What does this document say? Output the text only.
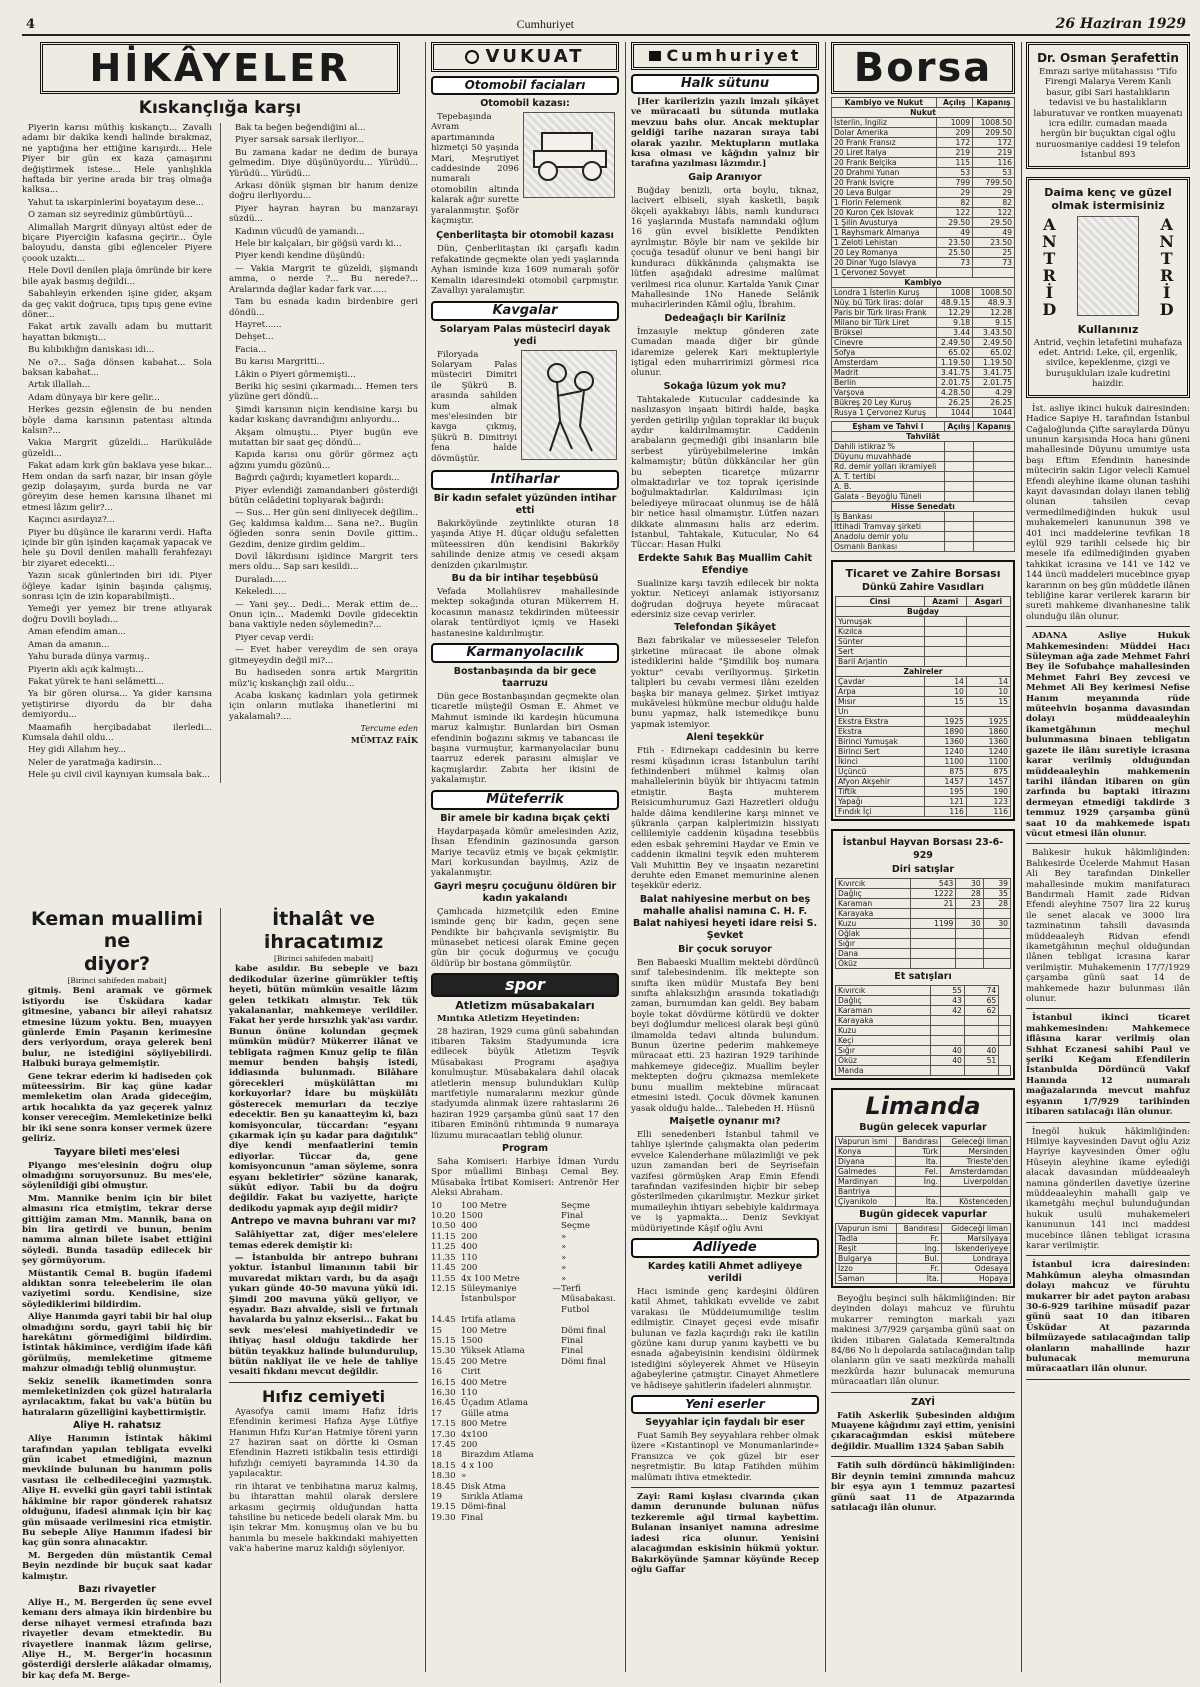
4	Cumhuriyet	26 Haziran 1929
HİKÂYELER
Kıskançlığa karşı

Piyerin karısı müthiş kıskançtı... Zavallı adamı bir dakika kendi halinde bırakmaz, ne yaptığına her ettiğine karışırdı... Hele Piyer bir gün ex kaza çamaşırını değiştirmek istese... Hele yanlışlıkla haftada bir yerine arada bir traş olmağa kalksa...

Yahut ta ıskarpinlerini boyatayım dese...

O zaman siz seyrediniz gümbürtüyü...

Alimallah Margrit dünyayı altüst eder de biçare Piyerciğin kafasına geçirir... Öyle baloyudu, dansta gibi eğlenceler Piyere çoook uzaktı...

Hele Dovil denilen plaja ömründe bir kere bile ayak basmış değildi...

Sabahleyin erkenden işine gider, akşam da geç vakit doğruca, tıpış tıpış gene evine döner...

Fakat artık zavallı adam bu muttarit hayattan bıkmıştı...

Bu kılıbıklığın daniskası idi...

Ne o?... Sağa dönsen kabahat... Sola baksan kabahat...

Artık illallah...

Adam dünyaya bir kere gelir...

Herkes gezsin eğlensin de bu nenden böyle dama karısının patentası altında kalsın?...

Vakıa Margrit güzeldi... Harükulâde güzeldi...

Fakat adam kırk gün baklava yese bıkar... Hem ondan da sarfı nazar, bir insan göyle gezip dolaşayım, şurda burda ne var göreyim dese hemen karısına ilhanet mi etmesi lâzım gelir?...

Kaçıncı asırdayız?...

Piyer bu düşünce ile kararını verdi. Hafta içinde bir gün işinden kaçamak yapacak ve hele şu Dovil denilen mahalli ferahfezayı bir ziyaret edecekti...

Yazın sıcak günlerinden biri idi. Piyer öğleye kadar işinin başında çalışmış, sonrası için de izin koparabilmişti..

Yemeği yer yemez bir trene atlıyarak doğru Dovili boyladı...

Aman efendim aman...

Aman da amanın...

Yahu burada dünya varmış..

Piyerin aklı açık kalmıştı...

Fakat yürek te hani selâmetti...

Ya bir gören olursa... Ya gider karısına yetiştirirse diyordu da bir daha demiyordu...

Maamafih herçibadabat ilerledi... Kumsala dahil oldu...

Hey gidi Allahım hey...

Neler de yaratmağa kadirsin...

Hele şu civil civil kaynıyan kumsala bak...

Bak ta beğen beğendiğini al...

Piyer sarsak sarsak ilerliyor...

Bu zamana kadar ne dedim de buraya gelmedim. Diye düşünüyordu... Yürüdü... Yürüdü... Yürüdü...

Arkası dönük şişman bir hanım denize doğru ilerliyordu...

Piyer hayran hayran bu manzarayı süzdü...

Kadının vücudü de yamandı...

Hele bir kalçaları, bir göğsü vardı ki...

Piyer kendi kendine düşündü:

— Vakia Margrit te güzeldi, şişmandı amma, o nerde ?... Bu nerede?... Aralarında dağlar kadar fark var......

Tam bu esnada kadın birdenbire geri döndü...

Hayret......

Dehşet...

Facia...

Bu karısı Margritti...

Lâkin o Piyeri görmemişti...

Beriki hiç sesini çıkarmadı... Hemen ters yüzüne geri döndü...

Şimdi karısının niçin kendisine karşı bu kadar kıskanç davrandığını anlıyordu...

Akşam olmuştu... Piyer bugün eve mutattan bir saat geç döndü...

Kapıda karısı onu görür görmez açtı ağzını yumdu gözünü...

Bağırdı çağırdı; kıyametleri kopardı...

Piyer evlendiği zamandanberi gösterdiği bütün celâdetini toplıyarak bağırdı:

— Sus... Her gün seni dinliyecek değilim.. Geç kaldımsa kaldım... Sana ne?.. Bugün öğleden sonra senin Dovile gittim.. Gezdim, denize girdim geldim..

Dovil lâkırdısını işidince Margrit ters mers oldu... Sap sarı kesildi...

Duraladı.....

Kekeledi.....

— Yani şey... Dedi... Merak ettim de... Onun için... Mademki Dovile gidecektin bana vaktiyle neden söylemedin?...

Piyer cevap verdi:

— Evet haber vereydim de sen oraya gitmeyeydin değil mi?...

Bu hadiseden sonra artık Margritin müz'iç kıskançlığı zail oldu...

Acaba kıskanç kadınları yola getirmek için onların mutlaka ihanetlerini mi yakalamalı?....

Tercume eden
MÜMTAZ FAİK
Keman muallimi ne
diyor?
[Birinci sahifeden mabait]

gitmiş. Beni aramak ve görmek istiyordu ise Üsküdara kadar gitmesine, yabancı bir aileyi rahatsız etmesine lüzum yoktu. Ben, muayyen günlerde Emin Paşanın kerimesine ders veriyordum, oraya gelerek beni bulur, ne istediğini söyliyebilirdi. Halbuki buraya gelmemiştir.

Gene tekrar ederim ki hadiseden çok müteessirim. Bir kaç güne kadar memleketim olan Arada gideceğim, artık hocalıkta da yaz geçerek yalnız konser vereceğim. Memleketinize belki bir iki sene sonra konser vermek üzere geliriz.

Tayyare bileti mes'elesi

Piyango mes'elesinin doğru olup olmadığını soruyorsunuz. Bu mes'ele, söylenildiği gibi olmuştur.

Mm. Mannike benim için bir bilet almasını rica etmiştim, tekrar derse gittiğim zaman Mm. Mannik, bana on bin lira getirdi ve bunun, benim namıma alınan bilete isabet ettiğini söyledi. Bunda tasadüp edilecek bir şey görmüyorum.

Müstantik Cemal B. bugün ifademi aldıktan sonra teleebelerim ile olan vaziyetimi sordu. Kendisine, size söylediklerimi bildirdim.

Aliye Hanımda gayri tabii bir hal olup olmadığını sordu, gayri tabii hiç bir harekâtını görmediğimi bildirdim. İstintak hâkimince, verdiğim ifade kâfi görülmüş, memleketime gitmeme mahzur olmadığı tebliğ olunmuştur.

Sekiz senelik ikametimden sonra memleketinizden çok güzel hatıralarla ayrılacaktım, fakat bu vak'a bütün bu hatıraların güzelliğini kaybettirmiştir.

Aliye H. rahatsız

Aliye Hanımın İstintak hâkimi tarafından yapılan tebligata evvelki gün icabet etmediğini, maznun mevkiinde bulunan bu hanımın polis vasıtası ile celbedileceğini yazmıştık. Aliye H. evvelki gün gayri tabii istintak hâkimine bir rapor gönderek rahatsız olduğunu, ifadesi alınmak için bir kaç gün müsaade verilmesini rica etmiştir. Bu sebeple Aliye Hanımın ifadesi bir kaç gün sonra alınacaktır.

M. Bergeden dün müstantik Cemal Beyin nezdinde bir buçuk saat kadar kalmıştır.

Bazı rivayetler

Aliye H., M. Bergerden üç sene evvel kemanı ders almaya ikin birdenbire bu derse nihayet vermesi etrafında bazı rivayetler devam etmektedir. Bu rivayetlere inanmak lâzım gelirse, Aliye H., M. Berger'in hocasının gösterdiği derslerle alâkadar olmamış, bir kaç defa M. Berge-

İthalât ve
ihracatımız
[Birinci sahifeden mabait]

kabe asıldır. Bu sebeple ve bazı dedikodular üzerine gümrükler teftiş heyeti, bütün mümkün vesaitle lâzım gelen tetkikatı almıştır. Tek tük yakalananlar, mahkemeye verildiler. Fakat her yerde hırsızlık yak'ası vardır. Bunun önüne kolundan geçmek mümkün müdür? Mükerrer ilânat ve tebligata rağmen Kınuz gelip te filân memur benden bahşiş istedi, iddiasında bulunmadı. Bilâhare görecekleri müşkülâttan mı korkuyorlar? İdare bu müşkülâtı gösterecek memurları da tecziye edecektir. Ben şu kanaatteyim ki, bazı komisyoncular, tüccardan: "eşyanı çıkarmak için şu kadar para dağıtılık" diye kendi menfaatlerini temin ediyorlar. Tüccar da, gene komisyoncunun "aman söyleme, sonra eşyanı bekletirler" sözüne kanarak, sükût ediyor. Tabii bu da doğru değildir. Fakat bu vaziyette, hariçte dedikodu yapmak ayıp değil midir?

Antrepo ve mavna buhranı var mı?

Salâhiyettar zat, diğer mes'elelere temas ederek demiştir ki:

— İstanbulda bir antrepo buhranı yoktur. İstanbul limanının tabii bir muvaredat miktarı vardı, bu da aşağı yukarı günde 40-50 mavuna yükü idi. Şimdi 200 mavuna yükü geliyor, ve eşyadır. Bazı ahvalde, sisli ve fırtınalı havalarda bu yalnız ekserisi... Fakat bu sevk mes'elesi mahiyetindedir ve ihtiyaç hasıl olduğu takdirde her bütün teyakkuz halinde bulundurulup, bütün nakliyat ile ve hele de tahliye vesaiti fıkdanı mevcut değildir.

Hıfız cemiyeti

Ayasofya camii imamı Hafız İdris Efendinin kerimesi Hafıza Ayşe Lütfiye Hanımın Hıfzı Kur'an Hatmiye töreni yarın 27 haziran saat on dörtte ki Osman Efendinin Hazreti istikbalin tesis ettirdiği hıfızlığı cemiyeti bayramında 14.30 da yapılacaktır.

rin ihtarat ve tenbihatına maruz kalmış, bu ihtarattan mahiil olarak derslere arkasını geçirmiş olduğundan hatta tahsiline bu neticede bedeli olarak Mm. bu işin tekrar Mm. konuşmuş olan ve bu bu hanımla bu mesele hakkındaki mahiyetten vak'a haberine maruz kaldığı söyleniyor.

VUKUAT
Otomobil faciaları
Otomobil kazası:

Tepebaşında Avram apartımanında hizmetçi 50 yaşında Mari, Meşrutiyet caddesinde 2096 numaralı otomobilin altında kalarak ağır surette yaralanmıştır. Şoför kaçmıştır.

Çenberlitaşta bir otomobil kazası

Dün, Çenberlitaştan iki çarşaflı kadın refakatinde geçmekte olan yedi yaşlarında Ayhan isminde kıza 1609 numaralı şoför Kemalin idaresindeki otomobil çarpmıştır. Zavallıyı yaralamıştır.

Kavgalar
Solaryam Palas müstecirl dayak yedi

Filoryada Solaryam Palas müsteciri Dimitri ile Şükrü B. arasında sahilden kum almak mes'elesinden bir kavga çıkmış, Şükrü B. Dimitriyi fena halde dövmüştür.

İntiharlar
Bir kadın sefalet yüzünden intihar etti

Bakırköyünde zeytinlikte oturan 18 yaşında Atiye H. düçar olduğu sefaletten müteessiren dün kendisini Bakırköy sahilinde denize atmış ve cesedi akşam denizden çıkarılmıştır.

Bu da bir intihar teşebbüsü

Vefada Mollahüsrev mahallesinde mektep sokağında oturan Mükerrem H. kocasının manasız tekdirinden müteessir olarak tentürdiyot içmiş ve Haseki hastanesine kaldırılmıştır.

Karmanyolacılık
Bostanbaşında da bir gece taarruzu

Dün gece Bostanbaşından geçmekte olan ticaretle müşteğil Osman E. Ahmet ve Mahmut isminde iki kardeşin hücumuna maruz kalmıştır. Bunlardan biri Osman efendinin boğazını sıkmış ve tabancası ile başına vurmuştur, karmanyolacılar bunu taarruz ederek parasını almışlar ve kaçmışlardır. Zabıta her ikisini de yakalamıştır.

Müteferrik
Bir amele bir kadına bıçak çekti

Haydarpaşada kömür amelesinden Aziz, İhsan Efendinin gazinosunda garson Mariye tecavüz etmiş ve bıçak çekmiştir. Mari korkusundan bayılmış, Aziz de yakalanmıştır.

Gayri meşru çocuğunu öldüren bir kadın yakalandı

Çamlıcada hizmetçilik eden Emine isminde genç bir kadın, geçen sene Pendikte bir bahçıvanla sevişmiştir. Bu münasebet neticesi olarak Emine geçen gün bir çocuk doğurmuş ve çocuğu öldürüp bir bostana gömmüştür.

spor
Atletizm müsabakaları

Mıntıka Atletizm Heyetinden:

28 haziran, 1929 cuma günü sabahından itibaren Taksim Stadyumunda icra edilecek büyük Atletizm Teşvik Müsabakası Programı aşağıya konulmuştur. Müsabakalara dahil olacak atletlerin mensup bulundukları Kulüp marifetiyle numaralarını mezkur günde stadyumda alınmak üzere rahtaslarını 26 haziran 1929 çarşamba günü saat 17 den itibaren Eminönü rıhtımında 9 numaraya lüzumu muracaatları tebliğ olunur.

Program

Saha Komiseri: Harbiye İdman Yurdu Spor müallimi Binbaşı Cemal Bey. Müsabaka İrtibat Komiseri: Antrenör Her Aleksi Abraham.

10	100 Metre	Seçme
10.20 1500	Final
10.50 400	Seçme
11.15 200	»
11.25 400	»
11.35 110	»
11.45 200	»
11.55 4x 100 Metre	»
12.15 Süleymaniye — İstanbulspor
Terfi Müsabakası. Futbol
14.45 Irtifa atlama
15	100 Metre	Dömi final
15.15 1500	Final
15.30 Yüksek Atlama	Final
15.45 200 Metre	Dömi final
16	Cirit
16.15 400 Metre
16.30 110
16.45 Üçadım Atlama
17	Gülle atma
17.15 800 Metre
17.30 4x100
17.45 200
18	Birazdım Atlama
18.15 4 x 100
18.30 »
18.45 Disk Atma
19	Sırıkla Atlama
19.15 Dömi-final
19.30 Final
Cumhuriyet
Halk sütunu

[Her karilerizin yazılı imzalı şikâyet ve müracaati bu sütunda mutlaka mevzuu bahs olur. Ancak mektuplar geldiği tarihe nazaran sıraya tabi olarak yazılır. Mektupların mutlaka kısa olması ve kâğıdın yalnız bir tarafına yazılması lâzımdır.]

Gaip Aranıyor

Buğday benizli, orta boylu, tıknaz, lacivert elbiseli, siyah kasketli, başık ökçeli ayakkabıyı lâbis, namlı kunduracı 16 yaşlarında Mustafa namındaki oğlum 16 gün evvel bisiklette Pendikten ayrılmıştır. Böyle bir nam ve şekilde bir çocuğa tesadüf olunur ve beni hangi bir kunduracı dükkânında çalışmakta ise lütfen aşağıdaki adresime malûmat verilmesi rica olunur. Kartalda Yanık Çınar Mahallesinde 1No Hanede Selânik muhacirlerinden Kâmil oğlu, İbrahim.

Dedeağaçlı bir Karilniz

İmzasıyle mektup gönderen zate Cumadan maada diğer bir günde idaremize gelerek Kari mektupleriyle iştigal eden muharririmizi görmesi rica olunur.

Sokağa lüzum yok mu?

Tahtakalede Kutucular caddesinde ka naslızasyon inşaatı bitirdi halde, başka yerden getirilip yığılan topraklar iki buçuk aydır kaldırılmamıştır. Caddenin arabaların geçmediği gibi insanların bile serbest yürüyebilmelerine imkân kalmamıştır; bütün dükkâncılar her gün bu sebepten ticaretçe müzarrır olmaktadırlar ve toz toprak içerisinde boğulmaktadırlar. Kaldırılması için belediyeye müracaat olunmuş ise de hâlâ bir netice hasıl olmamıştır. Lütfen nazarı dikkate alınmasını halis arz ederim. İstanbul, Tahtakale, Kutucular, No 64 Tüccar: Hasan Hulki

Erdekte Sahık Baş Muallim Cahit Efendiye

Sualinize karşı tavzih edilecek bir nokta yoktur. Neticeyi anlamak istiyorsanız doğrudan doğruya heyete müracaat edersiniz size cevap verirler.

Telefondan Şikâyet

Bazı fabrikalar ve müesseseler Telefon şirketine müracaat ile abone olmak istediklerini halde "Şimdilik boş numara yoktur" cevabı veriliyormuş. Şirketin talipleri bu cevabı vermesi ilânı ezelden başka bir manaya gelmez. Şirket imtiyaz mukâvelesi hükmüne mecbur olduğu halde bunu yapmaz, halk istemedikçe bunu yapmak istemiyor.

Aleni teşekkür

Ftih - Edirnekapı caddesinin bu kerre resmi küşadının icrası İstanbulun tarihi fethindenberi mühmel kalmış olan mahallelerinin büyük bir ihtiyacını tatmin etmiştir. Başta muhterem Reisicumhurumuz Gazi Hazretleri olduğu halde dâima kendilerine karşı minnet ve şükranla çarpan kalplerimizin hissiyatı cellilemiyle caddenin küşadına tesebbüs eden esbak şehremini Haydar ve Emin ve caddenin ikmalini teşvik eden muhterem Vali Muhittin Bey ve inşaatın nezaretini deruhte eden Emanet memurinine alenen teşekkür ederiz.

Balat nahiyesine merbut on beş mahalle ahalisi namına C. H. F. Balat nahiyesi heyeti idare reisi S. Şevket
Bir çocuk soruyor

Ben Babaeski Muallim mektebi dördüncü sınıf talebesindenim. İlk mektepte son sınıfta iken müdür Mustafa Bey beni sınıfta ahlaksızlığın arasında tokatladığı zaman, burnumdan kan geldi. Bey babam boyle tokat dövdürme kötürdü ve dokter beyi doğlumdur melicesi olarak beşi günü ilmamolda tedavi altında bulundum. Bunun üzerine pederim mahkemeye müracaat etti. 23 haziran 1929 tarihinde mahkemeye gideceğiz. Muallim beyler mektepten doğru çıkmazsa memlekete bunu muallim mektebine müracaat etmesini istedi. Çocuk dövmek kanunen yasak olduğu halde... Talebeden H. Hüsnü

Maişetle oynanır mı?

Elli senedenberi İstanbul tahmil ve tahliye işlerinde çalışmakta olan pederim evvelce Kalenderhane mülazimliği ve pek uzun zamandan beri de Seyrisefain vazifesi görmüşken Arap Emin Efendi tarafından vazifesinden hiçbir bir sebep gösterilmeden çıkarılmıştır. Mezkur şirket mumaileyhin ihtiyarı sebebiyle kaldırmaya ve iş yapmakta... Deniz Sevkiyat müdüriyetinde Kâşif oğlu Avni

Adliyede
Kardeş katili Ahmet adliyeye verildi

Hacı isminde genç kardeşini öldüren katil Ahmet, tahkikatı evvelide ve zabıt varakası ile Müddeiumumiliğe teslim edilmiştir. Cinayet geçesi evde misafir bulunan ve fazla kaçırdığı rakı ile katilin gözüne kanı durup yanını kaybetti ve bu esnada ağabeyisinin kendisini öldürmek istediğini söyleyerek Ahmet ve Hüseyin ağabeylerine çatmıştır. Cinayet Ahmetlere ve hâdiseye şahitlerin ifadeleri alınmıştır.

Yeni eserler
Seyyahlar için faydalı bir eser

Fuat Samih Bey seyyahlara rehber olmak üzere «Kıstantinopl ve Monumanlarinde» Fransızca ve çok güzel bir eser neşretmiştir. Bu kitap Fatihden mühim malûmatı ihtiva etmektedir.

Zayi: Rami kışlası civarında çıkan damın derununde bulunan nüfus tezkeremle ağıl tirmal kaybettim. Bulanan insaniyet namına adresime iadesi rica olunur. Yenisini alacağımdan eskisinin hükmü yoktur. Bakırköyünde Şamnar köyünde Recep oğlu Gaffar

Borsa
Kambiyo ve Nukut	Açılış	Kapanış
Nukut		
İsterlin, İngiliz	1009	1008.50
Dolar Amerika	209	209.50
20 Frank Fransız	172	172
20 Liret İtalya	219	219
20 Frank Belçika	115	116
20 Drahmi Yunan	53	53
20 Frank İsviçre	799	799.50
20 Leva Bulgar	29	29
1 Florin Felemenk	82	82
20 Kuron Çek İslovak	122	122
1 Şilin Avusturya	29.50	29.50
1 Rayhsmark Almanya	49	49
1 Zeloti Lehistan	23.50	23.50
20 Ley Romanya	25.50	25
20 Dinar Yugo İslavya	73	73
1 Çervonez Sovyet		
Kambiyo		
Londra 1 İsterlin Kuruş	1008	1008.50
Nüy. bü Türk liras: dolar	48.9.15	48.9.3
Paris bir Türk lirası Frank	12.29	12.28
Milano bir Türk Liret	9.18	9.15
Brüksel	3.44	3.43.50
Cinevre	2.49.50	2.49.50
Sofya	65.02	65.02
Amsterdam	1.19.50	1.19.50
Madrit	3.41.75	3.41.75
Berlin	2.01.75	2.01.75
Varşova	4.28.50	4.29
Bükreş 20 Ley Kuruş	26.25	26.25
Rusya 1 Çervonez Kuruş	1044	1044
Eşham ve Tahvi l	Açılış	Kapanış
Tahvilât		
Dahili istikraz %		
Düyunu muvahhade		
Rd. demir yolları ikramiyeli		
A. T. tertibi		
A. B.		
Galata - Beyoğlu Tüneli		
Hisse Senedatı		
İş Bankası		
İttihadi Tramvay şirketi		
Anadolu demir yolu		
Osmanlı Bankası		
Ticaret ve Zahire Borsası
Dünkü Zahire Vasıdları
Cinsi	Azami	Asgari
Buğday		
Yumuşak		
Kızılca		
Sünter		
Sert		
Baril Arjantin		
Zahireler		
Çavdar	14	14
Arpa	10	10
Mısır	15	15
Un		
Ekstra Ekstra	1925	1925
Ekstra	1890	1860
Birinci Yumuşak	1360	1360
Birinci Sert	1240	1240
İkinci	1100	1100
Üçüncü	875	875
Afyon Akşehir	1457	1457
Tiftik	195	190
Yapağı	121	123
Fındık İçi	116	116
İstanbul Hayvan Borsası 23-6-929
Diri satışlar
Kıvırcık	543	30	39
Dağlıç	1222	28	35
Karaman	21	23	28
Karayaka			
Kuzu	1199	30	30
Oğlak			
Sığır			
Dana			
Öküz			
Et satışları
Kıvırcık	55	74	
Dağlıç	43	65	
Karaman	42	62	
Karayaka			
Kuzu			
Keçi			
Sığır	40	40	
Öküz	40	51	
Manda			
Limanda
Bugün gelecek vapurlar
Vapurun ismi	Bandırası	Geleceği liman
Konya	Türk	Mersinden
Diyana	İta.	Trieste'den
Galmedes	Fel.	Amsterdamdan
Mardinyan	İng.	Liverpoldan
Bantriya		
Çiyanikolo	İta.	Köstenceden
Bugün gidecek vapurlar
Vapurun ismi	Bandırası	Gideceği liman
Tadla	Fr.	Marsilyaya
Reşit	İng.	İskenderiyeye
Bulgarya	Bul.	Londraya
İzzo	Fr.	Odesaya
Saman	İta.	Hopaya

Beyoğlu beşinci sulh hâkimliğinden: Bir deyinden dolayı mahcuz ve füruhtu mukarrer remington markalı yazı makinesi 3/7/929 çarşamba günü saat on ikiden itibaren Galatada Kemeraltında 84/86 No lı depolarda satılacağından talip olanların gün ve saati mezkûrda mahalli mezkûrda hazır bulunacak memuruna müracaatları ilân olunur.

ZAYİ

Fatih Askerlik Şubesinden aldığım Muayene kâğıdımı zayi ettim, yenisini çıkaracağımdan eskisi mütebere değildir. Muallim 1324 Şaban Sabih

Fatih sulh dördüncü hâkimliğinden: Bir deynin temini zımnında mahcuz bir eşya ayın 1 temmuz pazartesi günü saat 11 de Atpazarında satılacağı ilân olunur.

Dr. Osman Şerafettin

Emrazı sariye mütahassısı "Tifo Firengi Malarya Verem Kanlı basur, gibi Sari hastalıkların tedavisi ve bu hastalıkların laburatuvar ve rontken muayenatı icra edilir. cumadan maada hergün bir buçuktan cigal oğlu nuruosmaniye caddesi 19 telefon İstanbul 893

Daima kenç ve güzel olmak istermisiniz
A
N
T
R
İ
D
A
N
T
R
İ
D
Kullanınız

Antrid, veçhin letafetini muhafaza edet. Antrid: Leke, çil, ergenlik, sivilce, kepeklenme, çizgi ve buruşukluları izale kudretini haizdir.

İst. asliye ikinci hukuk dairesinden: Hadice Sapiye H. tarafından İstanbul Cağaloğlunda Çifte saraylarda Dünyu ununun karşısında Hoca hanı güneni mahallesinde Düyunu umumiye usta başı Eftim Efendinin hanesinde mütecirin sakin Ligor velecli Kamuel Efendi aleyhine ikame olunan tashihi kayıt davasından dolayı ilanen tebliğ olunan tahsilen cevap vermedilmediğinden hukuk usul muhakemeleri kanununun 398 ve 401 inci maddelerine tevfikan 18 eylül 929 tarihli celsede hiç bir mesele ifa edilmediğinden gıyaben tahkikat icrasına ve 141 ve 142 ve 144 üncü maddeleri mucebince gıyap kararının on beş gün müddetle ilânen tebliğine karar verilerek kararın bir sureti mahkeme divanhanesine talik olunduğu ilân olunur.

ADANA Asliye Hukuk Mahkemesinden: Müddei Hacı Süleyman ağa zade Mehmet Fahri Bey ile Sofubahçe mahallesinden Mehmet Fahri Bey zevcesi ve Mehmet Ali Bey kerimesi Nefise Hanım meyanında rüde müteehvin boşanma davasından dolayı müddeaaleyhin ikametgâhının meçhul bulunmasına binaen tebligatın gazete ile ilânı suretiyle icrasına karar verilmiş olduğundan müddeaaleyhin mahkemenin tarihi ilândan itibaren on gün zarfında bu baptaki itirazını dermeyan etmediği takdirde 3 temmuz 1929 çarşamba günü saat 10 da mahkemede ispatı vücut etmesi ilân olunur.

Balıkesir hukuk hâkimliğinden: Balıkesirde Ücelerde Mahmut Hasan Ali Bey tarafından Dinkeller mahallesinde mukim manifaturacı Bandırmalı Hamit zade Ridvan Efendi aleyhine 7507 lira 22 kuruş ile senet alacak ve 3000 lira tazminatının tahsili davasında müddeaaleyh Ridvan efendi ikametgâhının meçhul olduğundan ilânen tebligat icrasına karar verilmiştir. Muhakemenin 17/7/1929 çarşamba günü saat 14 de mahkemede hazır bulunması ilân olunur.

İstanbul ikinci ticaret mahkemesinden: Mahkemece iflâsına karar verilmiş olan Sıhhat Eczanesi sahibi Paul ve şeriki Keğam Efendilerin İstanbulda Dördüncü Vakıf Hanında 12 numaralı mağazalarında mevcut mahfuz eşyanın 1/7/929 tarihinden itibaren satılacağı ilân olunur.

İnegöl hukuk hâkimliğinden: Hilmiye kayvesinden Davut oğlu Aziz Hayriye kayvesinden Ömer oğlu Hüseyin aleyhine ikame eylediği alacak davasından müddeaaleyh namına gönderilen davetiye üzerine müddeaaleyhin mahalli gaip ve ikametgâhı meçhul bulunduğundan hukuk usulü muhakemeleri kanununun 141 inci maddesi mucebince ilânen tebligat icrasına karar verilmiştir.

İstanbul icra dairesinden: Mahkûmun aleyha olmasından dolayı mahcuz ve füruhtu mukarrer bir adet payton arabası 30-6-929 tarihine müsadif pazar günü saat 10 dan itibaren Üsküdar At pazarında bilmüzayede satılacağından talip olanların mahallinde hazır bulunacak memuruna müracaatları ilân olunur.
